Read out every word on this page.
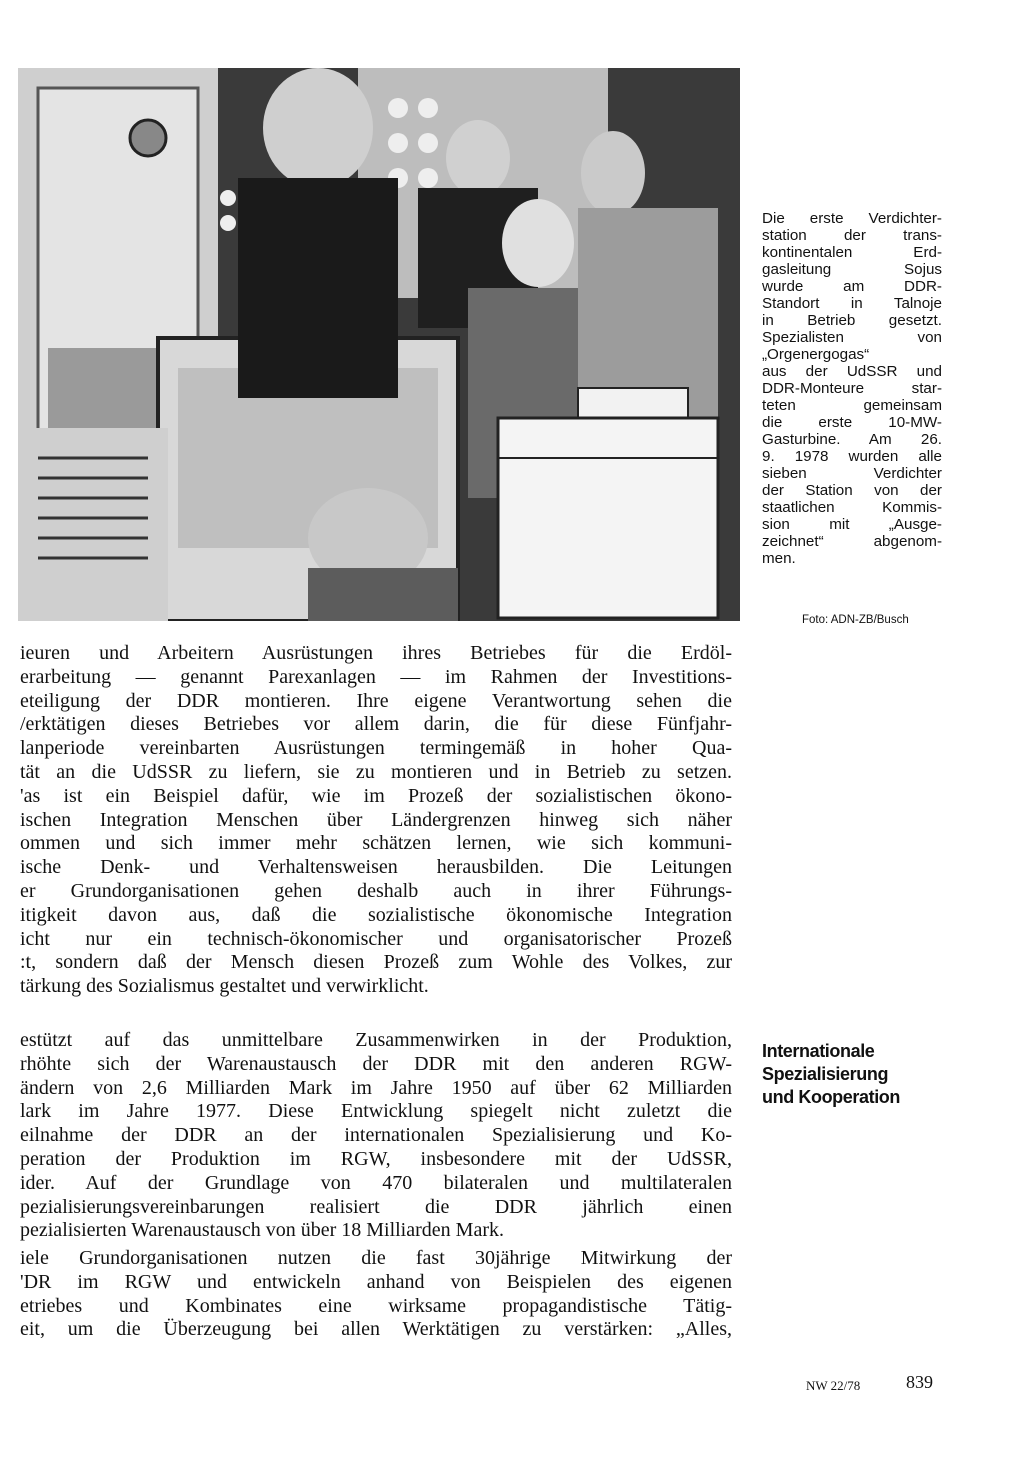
Die erste Verdichter-
station der trans-
kontinentalen Erd-
gasleitung Sojus
wurde am DDR-
Standort in Talnoje
in Betrieb gesetzt.
Spezialisten von
„Orgenergogas“
aus der UdSSR und
DDR-Monteure star-
teten gemeinsam
die erste 10-MW-
Gasturbine. Am 26.
9. 1978 wurden alle
sieben Verdichter
der Station von der
staatlichen Kommis-
sion mit „Ausge-
zeichnet“ abgenom-
men.
Foto: ADN-ZB/Busch
ieuren und Arbeitern Ausrüstungen ihres Betriebes für die Erdöl-
erarbeitung — genannt Parexanlagen — im Rahmen der Investitions-
eteiligung der DDR montieren. Ihre eigene Verantwortung sehen die
/erktätigen dieses Betriebes vor allem darin, die für diese Fünfjahr-
lanperiode vereinbarten Ausrüstungen termingemäß in hoher Qua-
tät an die UdSSR zu liefern, sie zu montieren und in Betrieb zu setzen.
'as ist ein Beispiel dafür, wie im Prozeß der sozialistischen ökono-
ischen Integration Menschen über Ländergrenzen hinweg sich näher
ommen und sich immer mehr schätzen lernen, wie sich kommuni-
ische Denk- und Verhaltensweisen herausbilden. Die Leitungen
er Grundorganisationen gehen deshalb auch in ihrer Führungs-
itigkeit davon aus, daß die sozialistische ökonomische Integration
icht nur ein technisch-ökonomischer und organisatorischer Prozeß
:t, sondern daß der Mensch diesen Prozeß zum Wohle des Volkes, zur
tärkung des Sozialismus gestaltet und verwirklicht.
Internationale
Spezialisierung
und Kooperation
estützt auf das unmittelbare Zusammenwirken in der Produktion,
rhöhte sich der Warenaustausch der DDR mit den anderen RGW-
ändern von 2,6 Milliarden Mark im Jahre 1950 auf über 62 Milliarden
lark im Jahre 1977. Diese Entwicklung spiegelt nicht zuletzt die
eilnahme der DDR an der internationalen Spezialisierung und Ko-
peration der Produktion im RGW, insbesondere mit der UdSSR,
ider. Auf der Grundlage von 470 bilateralen und multilateralen
pezialisierungsvereinbarungen realisiert die DDR jährlich einen
pezialisierten Warenaustausch von über 18 Milliarden Mark.
iele Grundorganisationen nutzen die fast 30jährige Mitwirkung der
'DR im RGW und entwickeln anhand von Beispielen des eigenen
etriebes und Kombinates eine wirksame propagandistische Tätig-
eit, um die Überzeugung bei allen Werktätigen zu verstärken: „Alles,
NW 22/78	839
